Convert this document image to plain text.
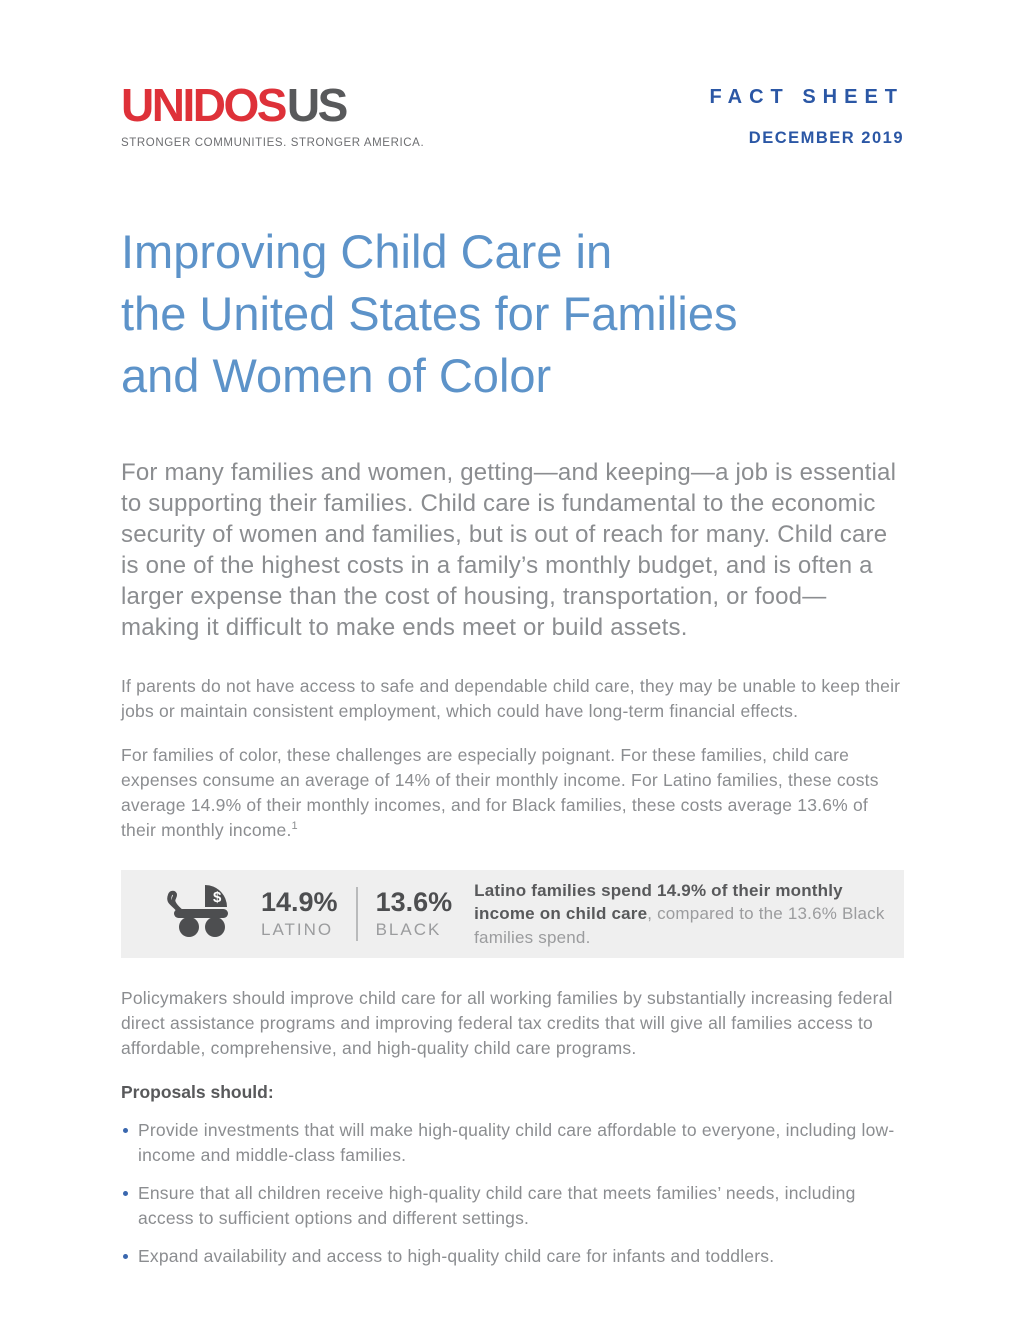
UNIDOSUS
STRONGER COMMUNITIES. STRONGER AMERICA.
FACT SHEET
DECEMBER 2019
Improving Child Care in
the United States for Families
and Women of Color

For many families and women, getting—and keeping—a job is essential to supporting their families. Child care is fundamental to the economic security of women and families, but is out of reach for many. Child care is one of the highest costs in a family’s monthly budget, and is often a larger expense than the cost of housing, transportation, or food—making it difficult to make ends meet or build assets.

If parents do not have access to safe and dependable child care, they may be unable to keep their jobs or maintain consistent employment, which could have long-term financial effects.

For families of color, these challenges are especially poignant. For these families, child care expenses consume an average of 14% of their monthly income. For Latino families, these costs average 14.9% of their monthly incomes, and for Black families, these costs average 13.6% of their monthly income.$^1$

$ 14.9%
LATINO
13.6%
BLACK
Latino families spend 14.9% of their monthly income on child care, compared to the 13.6% Black families spend.

Policymakers should improve child care for all working families by substantially increasing federal direct assistance programs and improving federal tax credits that will give all families access to affordable, comprehensive, and high-quality child care programs.

Proposals should:
Provide investments that will make high-quality child care affordable to everyone, including low-income and middle-class families.
Ensure that all children receive high-quality child care that meets families’ needs, including access to sufficient options and different settings.
Expand availability and access to high-quality child care for infants and toddlers.
